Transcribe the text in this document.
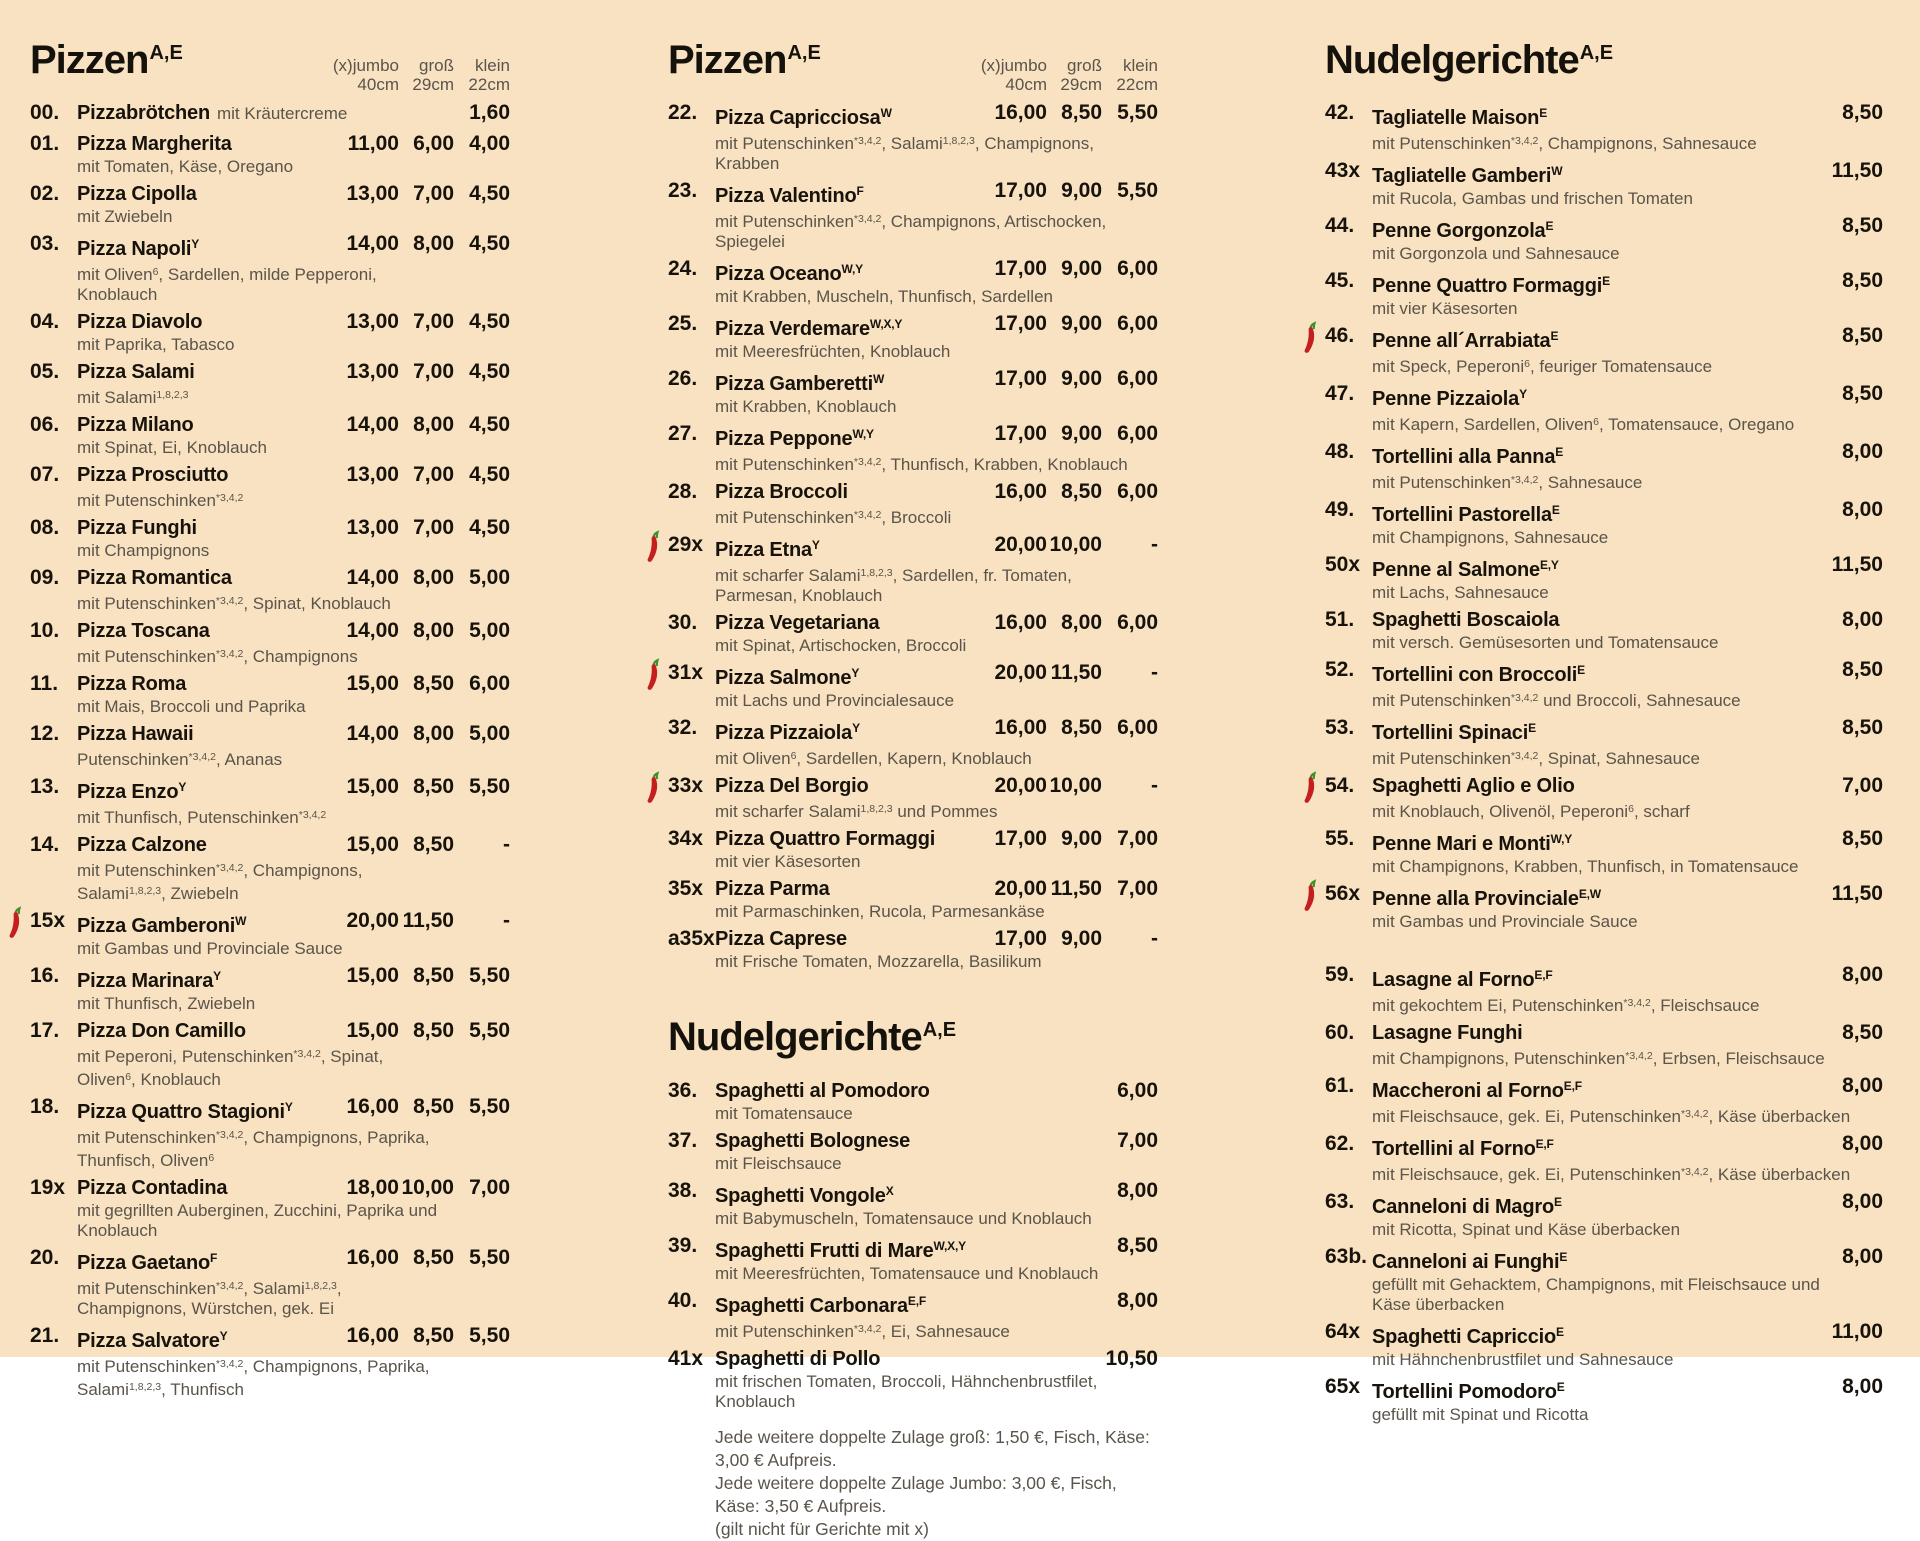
Pizzen$^{A,E}$
(x)jumbo
40cm
groß
29cm
klein
22cm
00. Pizzabrötchen mit Kräutercreme	1,60
01. Pizza Margherita	11,00 6,00 4,00
mit Tomaten, Käse, Oregano
02. Pizza Cipolla	13,00 7,00 4,50
mit Zwiebeln
03. Pizza Napoli$^Y$	14,00 8,00 4,50
mit Oliven$^6$, Sardellen, milde Pepperoni, Knoblauch
04. Pizza Diavolo	13,00 7,00 4,50
mit Paprika, Tabasco
05. Pizza Salami	13,00 7,00 4,50
mit Salami$^{1,8,2,3}$
06. Pizza Milano	14,00 8,00 4,50
mit Spinat, Ei, Knoblauch
07. Pizza Prosciutto	13,00 7,00 4,50
mit Putenschinken$^{*3,4,2}$
08. Pizza Funghi	13,00 7,00 4,50
mit Champignons
09. Pizza Romantica	14,00 8,00 5,00
mit Putenschinken$^{*3,4,2}$, Spinat, Knoblauch
10. Pizza Toscana	14,00 8,00 5,00
mit Putenschinken$^{*3,4,2}$, Champignons
11. Pizza Roma	15,00 8,50 6,00
mit Mais, Broccoli und Paprika
12. Pizza Hawaii	14,00 8,00 5,00
Putenschinken$^{*3,4,2}$, Ananas
13. Pizza Enzo$^Y$	15,00 8,50 5,50
mit Thunfisch, Putenschinken$^{*3,4,2}$
14. Pizza Calzone	15,00 8,50	-
mit Putenschinken$^{*3,4,2}$, Champignons, Salami$^{1,8,2,3}$, Zwiebeln
15x Pizza Gamberoni$^W$	20,00 11,50	-
mit Gambas und Provinciale Sauce
16. Pizza Marinara$^Y$	15,00 8,50 5,50
mit Thunfisch, Zwiebeln
17. Pizza Don Camillo	15,00 8,50 5,50
mit Peperoni, Putenschinken$^{*3,4,2}$, Spinat, Oliven$^6$, Knoblauch
18. Pizza Quattro Stagioni$^Y$	16,00 8,50 5,50
mit Putenschinken$^{*3,4,2}$, Champignons, Paprika, Thunfisch, Oliven$^6$
19x Pizza Contadina	18,00 10,00 7,00
mit gegrillten Auberginen, Zucchini, Paprika und Knoblauch
20. Pizza Gaetano$^F$	16,00 8,50 5,50
mit Putenschinken$^{*3,4,2}$, Salami$^{1,8,2,3}$, Champignons, Würstchen, gek. Ei
21. Pizza Salvatore$^Y$	16,00 8,50 5,50
mit Putenschinken$^{*3,4,2}$, Champignons, Paprika, Salami$^{1,8,2,3}$, Thunfisch
Pizzen$^{A,E}$
(x)jumbo
40cm
groß
29cm
klein
22cm
22. Pizza Capricciosa$^W$	16,00 8,50 5,50
mit Putenschinken$^{*3,4,2}$, Salami$^{1,8,2,3}$, Champignons, Krabben
23. Pizza Valentino$^F$	17,00 9,00 5,50
mit Putenschinken$^{*3,4,2}$, Champignons, Artischocken, Spiegelei
24. Pizza Oceano$^{W,Y}$	17,00 9,00 6,00
mit Krabben, Muscheln, Thunfisch, Sardellen
25. Pizza Verdemare$^{W,X,Y}$	17,00 9,00 6,00
mit Meeresfrüchten, Knoblauch
26. Pizza Gamberetti$^W$	17,00 9,00 6,00
mit Krabben, Knoblauch
27. Pizza Peppone$^{W,Y}$	17,00 9,00 6,00
mit Putenschinken$^{*3,4,2}$, Thunfisch, Krabben, Knoblauch
28. Pizza Broccoli	16,00 8,50 6,00
mit Putenschinken$^{*3,4,2}$, Broccoli
29x Pizza Etna$^Y$	20,00 10,00	-
mit scharfer Salami$^{1,8,2,3}$, Sardellen, fr. Tomaten, Parmesan, Knoblauch
30. Pizza Vegetariana	16,00 8,00 6,00
mit Spinat, Artischocken, Broccoli
31x Pizza Salmone$^Y$	20,00 11,50	-
mit Lachs und Provincialesauce
32. Pizza Pizzaiola$^Y$	16,00 8,50 6,00
mit Oliven$^6$, Sardellen, Kapern, Knoblauch
33x Pizza Del Borgio	20,00 10,00	-
mit scharfer Salami$^{1,8,2,3}$ und Pommes
34x Pizza Quattro Formaggi	17,00 9,00 7,00
mit vier Käsesorten
35x Pizza Parma	20,00 11,50 7,00
mit Parmaschinken, Rucola, Parmesankäse
a35x Pizza Caprese	17,00 9,00	-
mit Frische Tomaten, Mozzarella, Basilikum
Nudelgerichte$^{A,E}$
36. Spaghetti al Pomodoro	6,00
mit Tomatensauce
37. Spaghetti Bolognese	7,00
mit Fleischsauce
38. Spaghetti Vongole$^X$	8,00
mit Babymuscheln, Tomatensauce und Knoblauch
39. Spaghetti Frutti di Mare$^{W,X,Y}$	8,50
mit Meeresfrüchten, Tomatensauce und Knoblauch
40. Spaghetti Carbonara$^{E,F}$	8,00
mit Putenschinken$^{*3,4,2}$, Ei, Sahnesauce
41x Spaghetti di Pollo	10,50
mit frischen Tomaten, Broccoli, Hähnchenbrustfilet, Knoblauch
Jede weitere doppelte Zulage groß: 1,50 €, Fisch, Käse: 3,00 € Aufpreis.
Jede weitere doppelte Zulage Jumbo: 3,00 €, Fisch, Käse: 3,50 € Aufpreis.
(gilt nicht für Gerichte mit x)
Nudelgerichte$^{A,E}$
42. Tagliatelle Maison$^E$	8,50
mit Putenschinken$^{*3,4,2}$, Champignons, Sahnesauce
43x Tagliatelle Gamberi$^W$	11,50
mit Rucola, Gambas und frischen Tomaten
44. Penne Gorgonzola$^E$	8,50
mit Gorgonzola und Sahnesauce
45. Penne Quattro Formaggi$^E$	8,50
mit vier Käsesorten
46. Penne all´Arrabiata$^E$	8,50
mit Speck, Peperoni$^6$, feuriger Tomatensauce
47. Penne Pizzaiola$^Y$	8,50
mit Kapern, Sardellen, Oliven$^6$, Tomatensauce, Oregano
48. Tortellini alla Panna$^E$	8,00
mit Putenschinken$^{*3,4,2}$, Sahnesauce
49. Tortellini Pastorella$^E$	8,00
mit Champignons, Sahnesauce
50x Penne al Salmone$^{E,Y}$	11,50
mit Lachs, Sahnesauce
51. Spaghetti Boscaiola	8,00
mit versch. Gemüsesorten und Tomatensauce
52. Tortellini con Broccoli$^E$	8,50
mit Putenschinken$^{*3,4,2}$ und Broccoli, Sahnesauce
53. Tortellini Spinaci$^E$	8,50
mit Putenschinken$^{*3,4,2}$, Spinat, Sahnesauce
54. Spaghetti Aglio e Olio	7,00
mit Knoblauch, Olivenöl, Peperoni$^6$, scharf
55. Penne Mari e Monti$^{W,Y}$	8,50
mit Champignons, Krabben, Thunfisch, in Tomatensauce
56x Penne alla Provinciale$^{E,W}$	11,50
mit Gambas und Provinciale Sauce
59. Lasagne al Forno$^{E,F}$	8,00
mit gekochtem Ei, Putenschinken$^{*3,4,2}$, Fleischsauce
60. Lasagne Funghi	8,50
mit Champignons, Putenschinken$^{*3,4,2}$, Erbsen, Fleischsauce
61. Maccheroni al Forno$^{E,F}$	8,00
mit Fleischsauce, gek. Ei, Putenschinken$^{*3,4,2}$, Käse überbacken
62. Tortellini al Forno$^{E,F}$	8,00
mit Fleischsauce, gek. Ei, Putenschinken$^{*3,4,2}$, Käse überbacken
63. Canneloni di Magro$^E$	8,00
mit Ricotta, Spinat und Käse überbacken
63b. Canneloni ai Funghi$^E$	8,00
gefüllt mit Gehacktem, Champignons, mit Fleischsauce und Käse überbacken
64x Spaghetti Capriccio$^E$	11,00
mit Hähnchenbrustfilet und Sahnesauce
65x Tortellini Pomodoro$^E$	8,00
gefüllt mit Spinat und Ricotta
